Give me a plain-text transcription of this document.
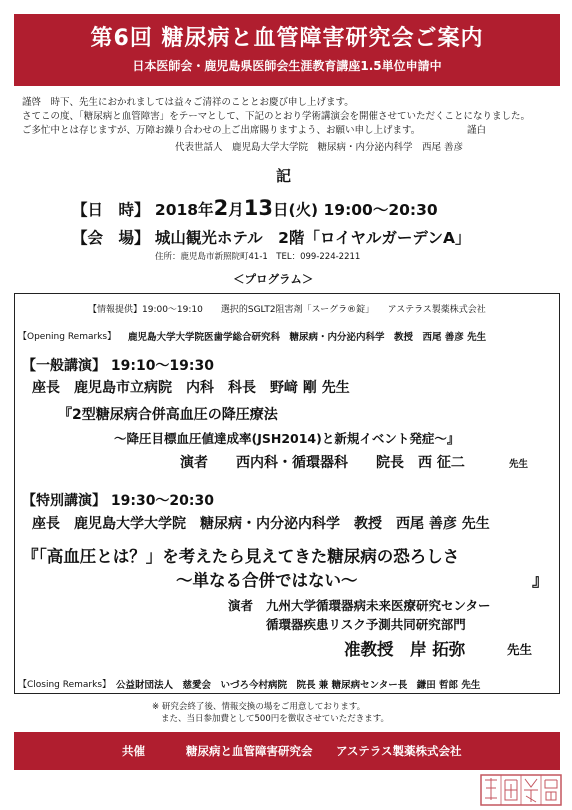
第6回 糖尿病と血管障害研究会ご案内
日本医師会・鹿児島県医師会生涯教育講座1.5単位申請中
謹啓　時下、先生におかれましては益々ご清祥のこととお慶び申し上げます。
さてこの度、「糖尿病と血管障害」をテーマとして、下記のとおり学術講演会を開催させていただくことになりました。
ご多忙中とは存じますが、万障お繰り合わせの上ご出席賜りますよう、お願い申し上げます。	謹白
代表世話人　鹿児島大学大学院　糖尿病・内分泌内科学　西尾 善彦
記
【日　時】 2018年2月13日(火) 19:00～20:30
【会　場】 城山観光ホテル　2階「ロイヤルガーデンA」
住所：鹿児島市新照院町41-1　TEL：099-224-2211
＜プログラム＞
【情報提供】19:00～19:10　　選択的SGLT2阻害剤「スーグラ®錠」　　アステラス製薬株式会社
【Opening Remarks】 鹿児島大学大学院医歯学総合研究科　糖尿病・内分泌内科学　教授　西尾 善彦 先生
【一般講演】 19:10～19:30
座長　鹿児島市立病院　内科　科長　野﨑 剛 先生
『2型糖尿病合併高血圧の降圧療法
～降圧目標血圧値達成率(JSH2014)と新規イベント発症～』
演者　　西内科・循環器科　　院長　西 征二	先生
【特別講演】 19:30～20:30
座長　鹿児島大学大学院　糖尿病・内分泌内科学　教授　西尾 善彦 先生
『「高血圧とは？」を考えたら見えてきた糖尿病の恐ろしさ
～単なる合併ではない～	』
演者 九州大学循環器病未来医療研究センター
循環器疾患リスク予測共同研究部門
准教授　岸 拓弥	先生
【Closing Remarks】 公益財団法人　慈愛会　いづろ今村病院　院長 兼 糖尿病センター長　鎌田 哲郎 先生
※ 研究会終了後、情報交換の場をご用意しております。
また、当日参加費として500円を徴収させていただきます。
共催	糖尿病と血管障害研究会 アステラス製薬株式会社
